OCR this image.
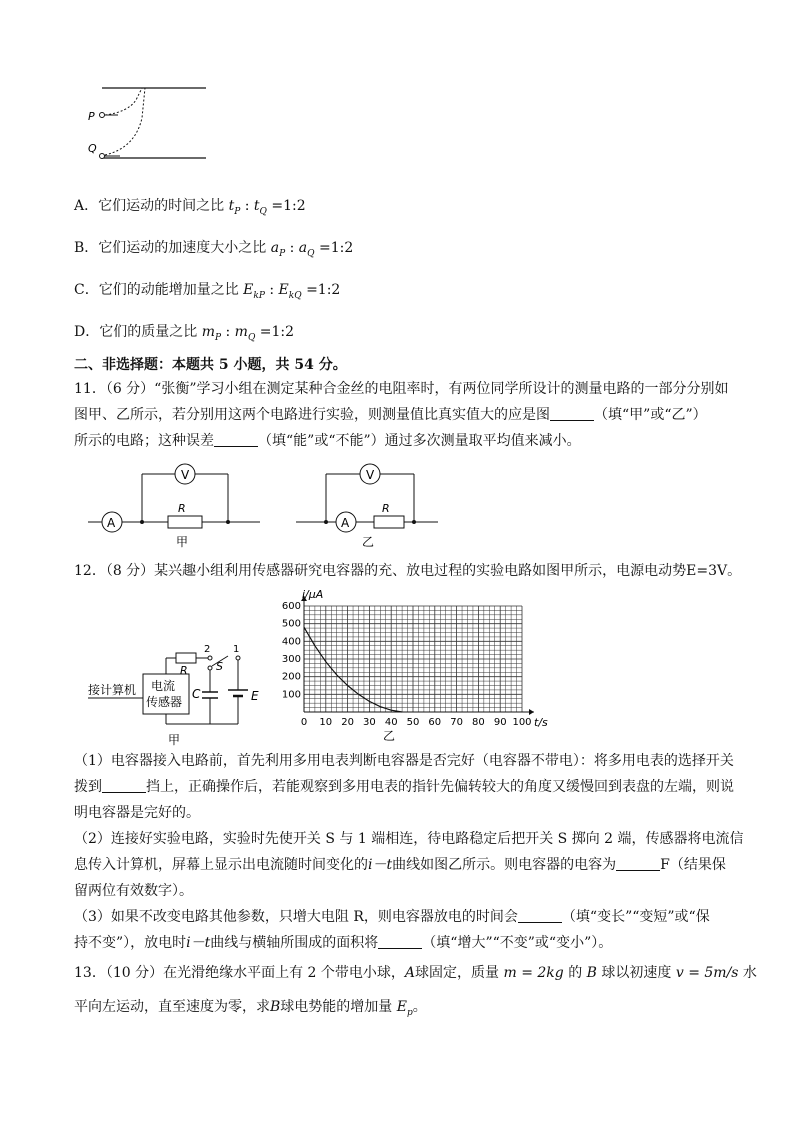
P
Q
A．它们运动的时间之比 $t_P$ : $t_Q$ =1:2
B．它们运动的加速度大小之比 $a_P$ : $a_Q$ =1:2
C．它们的动能增加量之比 $E_{kP}$ : $E_{kQ}$ =1:2
D．它们的质量之比 $m_P$ : $m_Q$ =1:2
二、非选择题：本题共 5 小题，共 54 分。
11．（6 分）“张衡”学习小组在测定某种合金丝的电阻率时，有两位同学所设计的测量电路的一部分分别如
图甲、乙所示，若分别用这两个电路进行实验，则测量值比真实值大的应是图	（填“甲”或“乙”）
所示的电路；这种误差	（填“能”或“不能”）通过多次测量取平均值来减小。
A
V
R
甲
A
V
R
乙
12．（8 分）某兴趣小组利用传感器研究电容器的充、放电过程的实验电路如图甲所示，电源电动势E=3V。
接计算机 电流
传感器
R
2 1
S
C	E
甲
0 10 20 30 40 50 60 70 80 90 100
100
200
300
400
500
600
i/μA
t/s
乙
（1）电容器接入电路前，首先利用多用电表判断电容器是否完好（电容器不带电）：将多用电表的选择开关
拨到	挡上，正确操作后，若能观察到多用电表的指针先偏转较大的角度又缓慢回到表盘的左端，则说
明电容器是完好的。
（2）连接好实验电路，实验时先使开关 S 与 1 端相连，待电路稳定后把开关 S 掷向 2 端，传感器将电流信
息传入计算机，屏幕上显示出电流随时间变化的i－t曲线如图乙所示。则电容器的电容为	F（结果保
留两位有效数字）。
（3）如果不改变电路其他参数，只增大电阻 R，则电容器放电的时间会	（填“变长”“变短”或“保
持不变”），放电时i－t曲线与横轴所围成的面积将	（填“增大”“不变”或“变小”）。
13．（10 分）在光滑绝缘水平面上有 2 个带电小球，A球固定，质量 m = 2kg 的 B 球以初速度 v = 5m/s 水
平向左运动，直至速度为零，求B球电势能的增加量 $E_p$。
